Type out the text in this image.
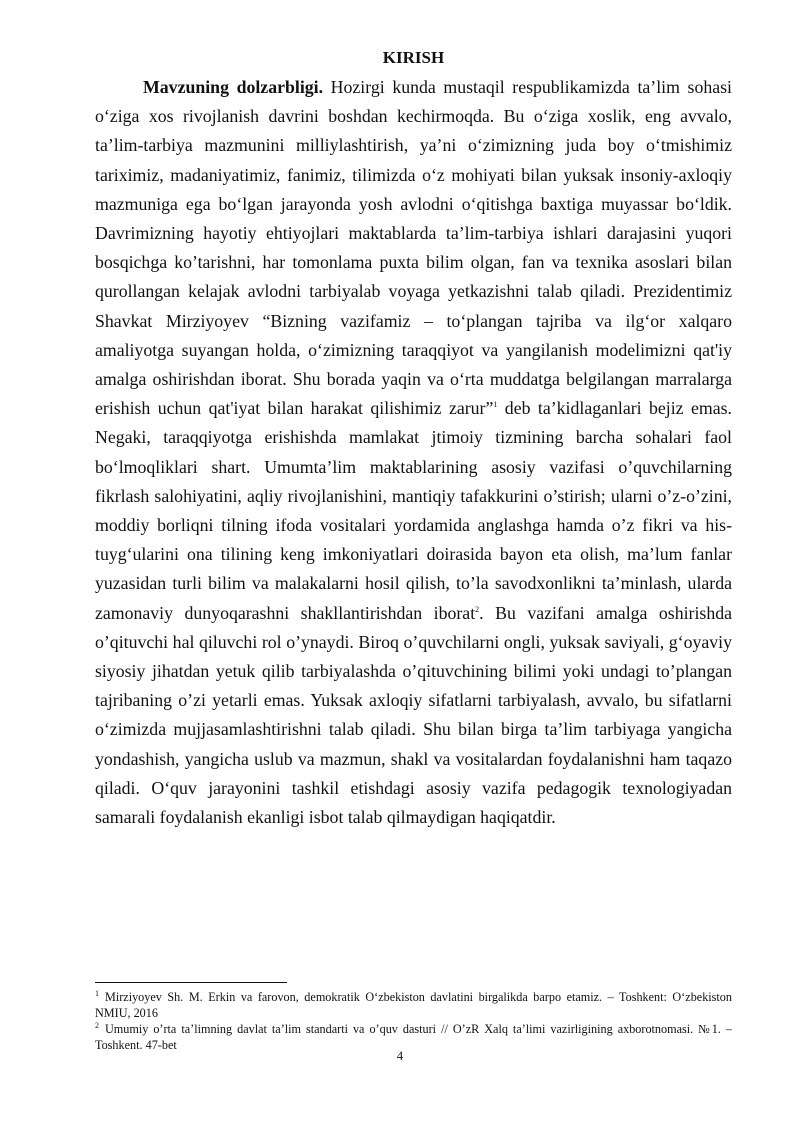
KIRISH

Mavzuning dolzarbligi. Hozirgi kunda mustaqil respublikamizda ta’lim sohasi o‘ziga xos rivojlanish davrini boshdan kechirmoqda. Bu o‘ziga xoslik, eng avvalo, ta’lim-tarbiya mazmunini milliylashtirish, ya’ni o‘zimizning juda boy o‘tmishimiz tariximiz, madaniyatimiz, fanimiz, tilimizda o‘z mohiyati bilan yuksak insoniy-axloqiy mazmuniga ega bo‘lgan jarayonda yosh avlodni o‘qitishga baxtiga muyassar bo‘ldik. Davrimizning hayotiy ehtiyojlari maktablarda ta’lim-tarbiya ishlari darajasini yuqori bosqichga ko’tarishni, har tomonlama puxta bilim olgan, fan va texnika asoslari bilan qurollangan kelajak avlodni tarbiyalab voyaga yetkazishni talab qiladi. Prezidentimiz Shavkat Mirziyoyev “Bizning vazifamiz – to‘plangan tajriba va ilg‘or xalqaro amaliyotga suyangan holda, o‘zimizning taraqqiyot va yangilanish modelimizni qat'iy amalga oshirishdan iborat. Shu borada yaqin va o‘rta muddatga belgilangan marralarga erishish uchun qat'iyat bilan harakat qilishimiz zarur”$^1$ deb ta’kidlaganlari bejiz emas. Negaki, taraqqiyotga erishishda mamlakat jtimoiy tizmining barcha sohalari faol bo‘lmoqliklari shart. Umumta’lim maktablarining asosiy vazifasi o’quvchilarning fikrlash salohiyatini, aqliy rivojlanishini, mantiqiy tafakkurini o’stirish; ularni o’z-o’zini, moddiy borliqni tilning ifoda vositalari yordamida anglashga hamda o’z fikri va his-tuyg‘ularini ona tilining keng imkoniyatlari doirasida bayon eta olish, ma’lum fanlar yuzasidan turli bilim va malakalarni hosil qilish, to’la savodxonlikni ta’minlash, ularda zamonaviy dunyoqarashni shakllantirishdan iborat$^2$. Bu vazifani amalga oshirishda o’qituvchi hal qiluvchi rol o’ynaydi. Biroq o’quvchilarni ongli, yuksak saviyali, g‘oyaviy siyosiy jihatdan yetuk qilib tarbiyalashda o’qituvchining bilimi yoki undagi to’plangan tajribaning o’zi yetarli emas. Yuksak axloqiy sifatlarni tarbiyalash, avvalo, bu sifatlarni o‘zimizda mujjasamlashtirishni talab qiladi. Shu bilan birga ta’lim tarbiyaga yangicha yondashish, yangicha uslub va mazmun, shakl va vositalardan foydalanishni ham taqazo qiladi. O‘quv jarayonini tashkil etishdagi asosiy vazifa pedagogik texnologiyadan samarali foydalanish ekanligi isbot talab qilmaydigan haqiqatdir.

$^1$ Mirziyoyev Sh. M. Erkin va farovon, demokratik O‘zbekiston davlatini birgalikda barpo etamiz. – Toshkent: O‘zbekiston NMIU, 2016

$^2$ Umumiy o’rta ta’limning davlat ta’lim standarti va o’quv dasturi // O’zR Xalq ta’limi vazirligining axborotnomasi. №1. – Toshkent. 47-bet

4
